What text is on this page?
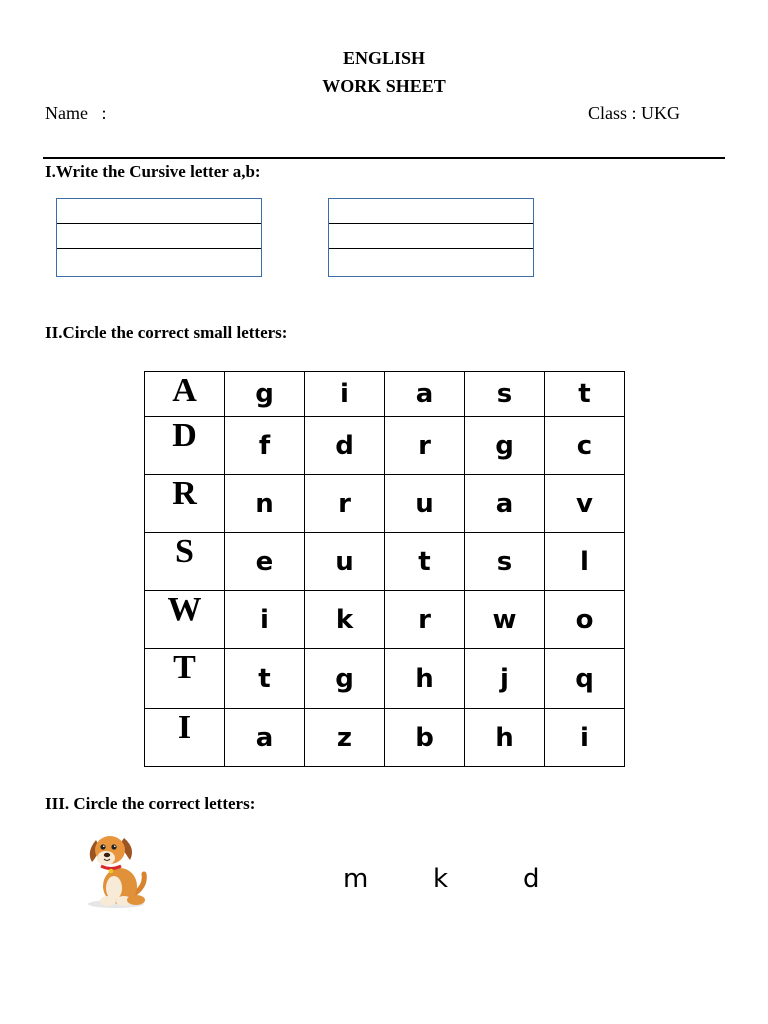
ENGLISH
WORK SHEET
Name   :	Class : UKG
I.Write the Cursive letter a,b:
II.Circle the correct small letters:
A	g	i	a	s	t
D	f	d	r	g	c
R	n	r	u	a	v
S	e	u	t	s	l
W	i	k	r	w	o
T	t	g	h	j	q
I	a	z	b	h	i
III. Circle the correct letters:
m k	d
